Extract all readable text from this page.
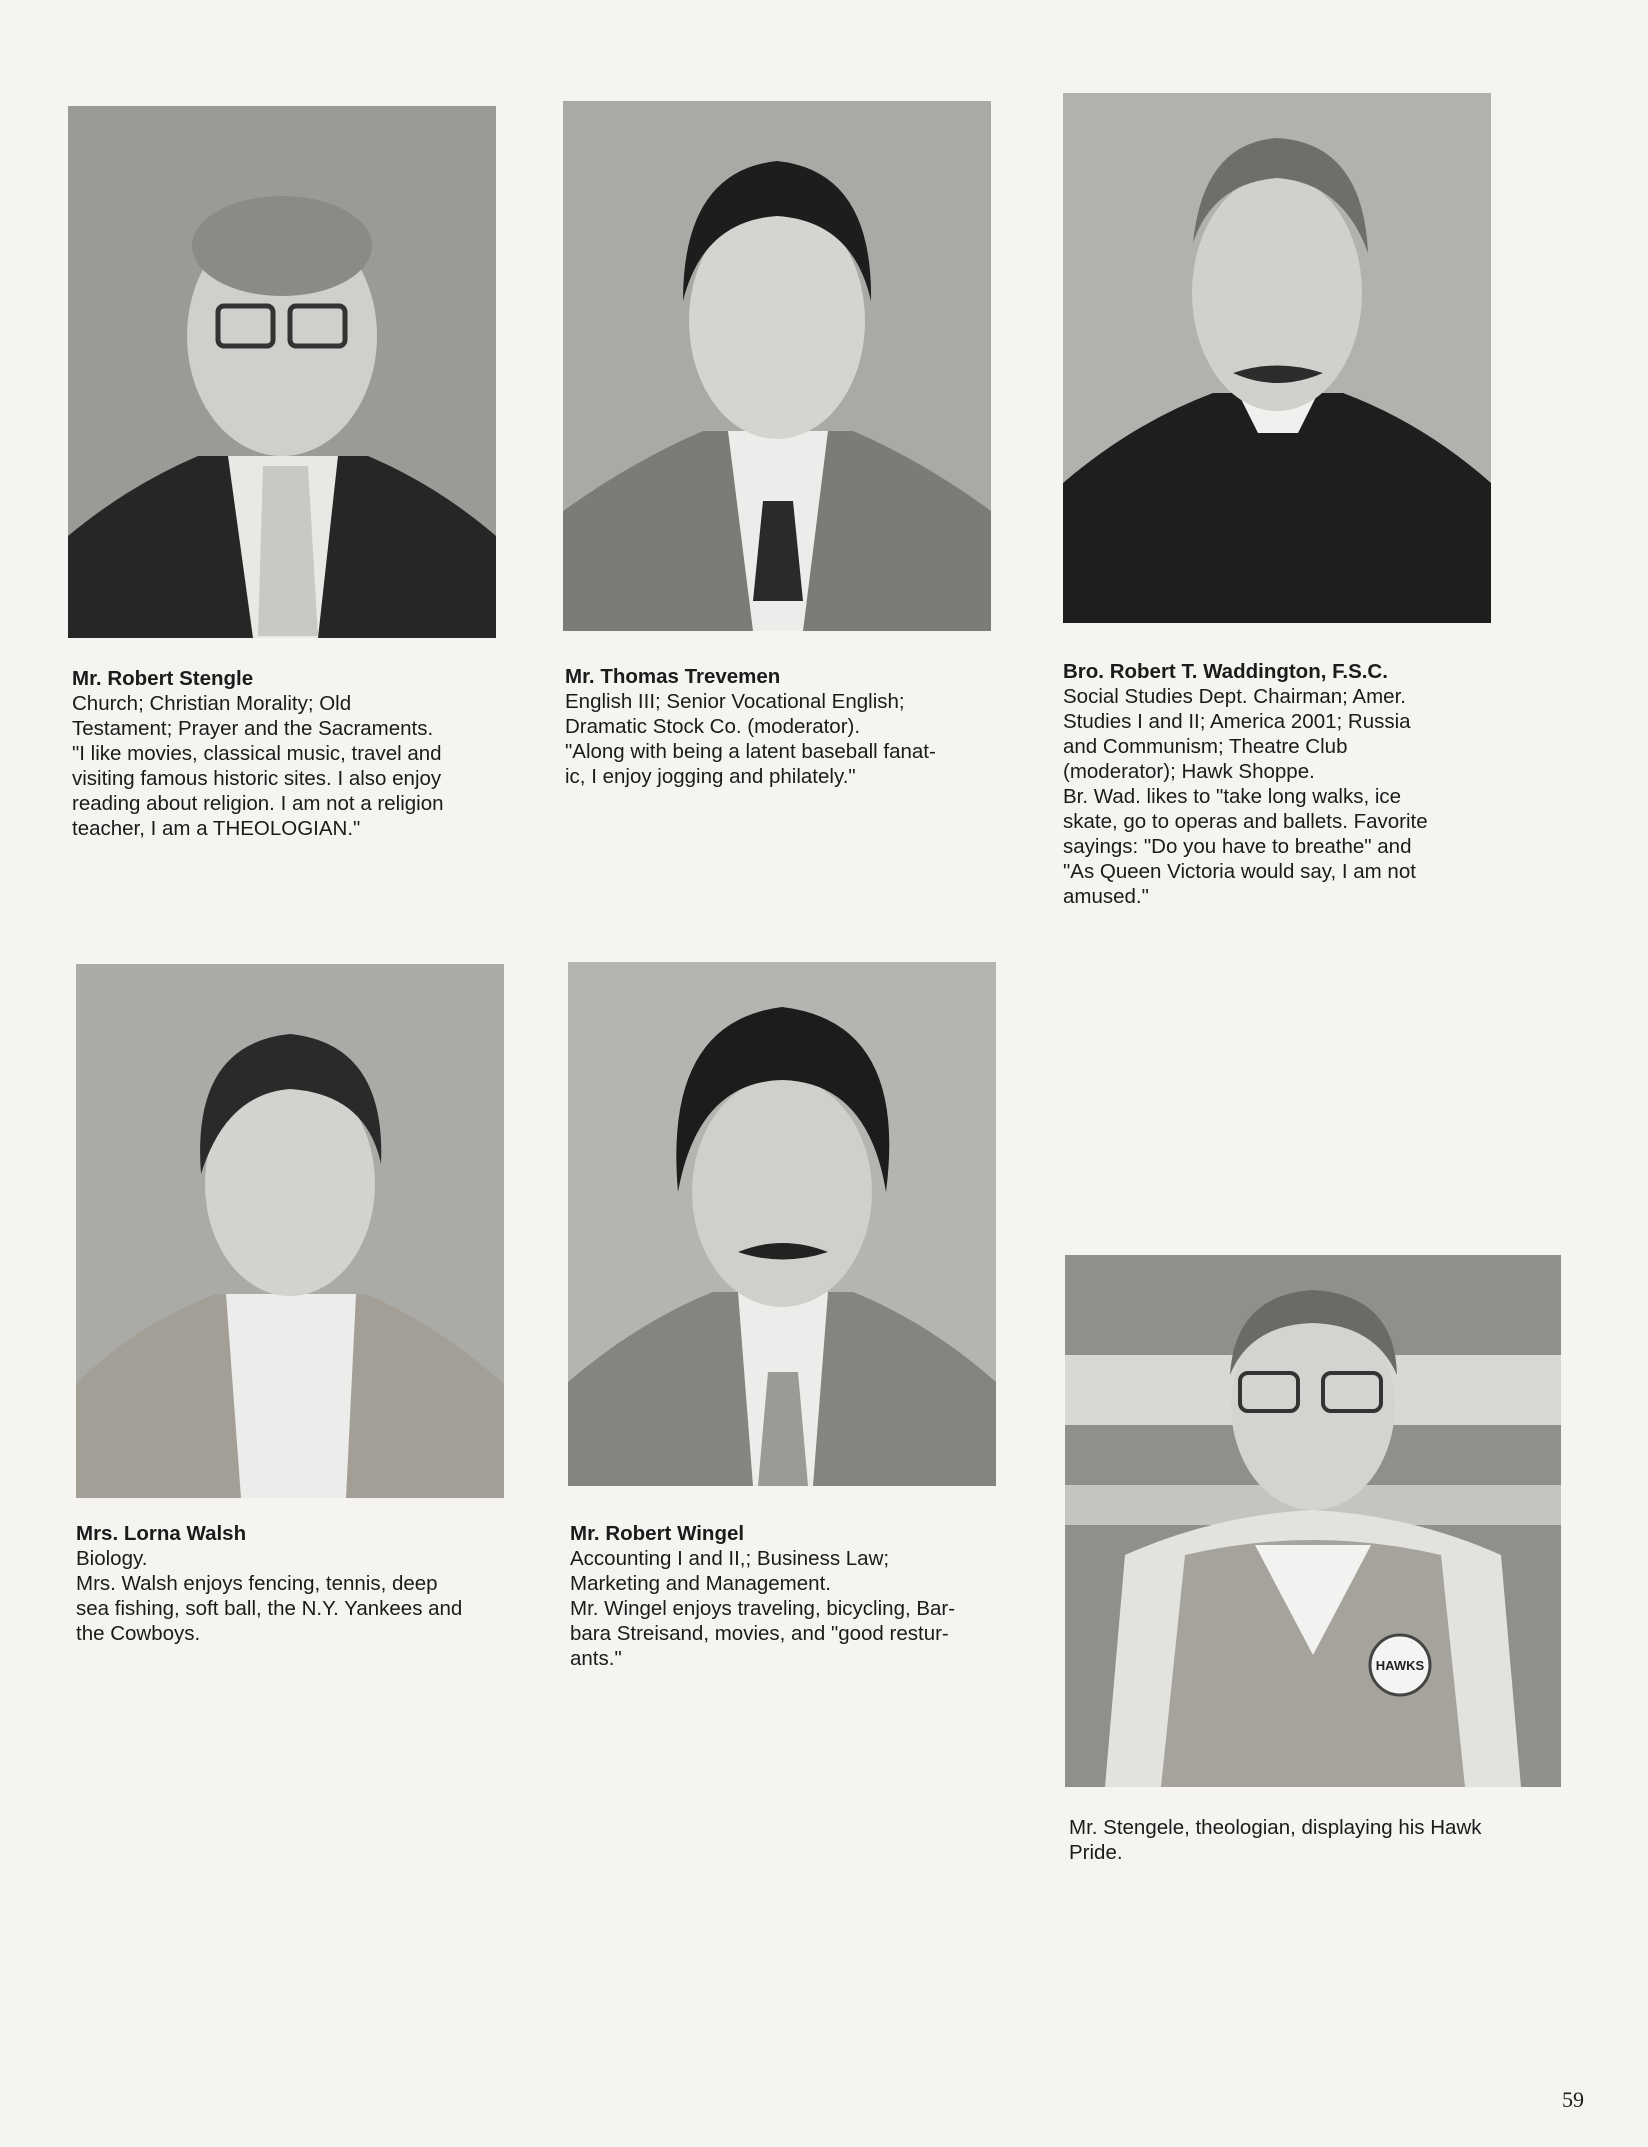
Mr. Robert Stengle
Church; Christian Morality; Old
Testament; Prayer and the Sacraments.
"I like movies, classical music, travel and
visiting famous historic sites. I also enjoy
reading about religion. I am not a religion
teacher, I am a THEOLOGIAN."
Mr. Thomas Trevemen
English III; Senior Vocational English;
Dramatic Stock Co. (moderator).
"Along with being a latent baseball fanat-
ic, I enjoy jogging and philately."
Bro. Robert T. Waddington, F.S.C.
Social Studies Dept. Chairman; Amer.
Studies I and II; America 2001; Russia
and Communism; Theatre Club
(moderator); Hawk Shoppe.
Br. Wad. likes to "take long walks, ice
skate, go to operas and ballets. Favorite
sayings: "Do you have to breathe" and
"As Queen Victoria would say, I am not
amused."
Mrs. Lorna Walsh
Biology.
Mrs. Walsh enjoys fencing, tennis, deep
sea fishing, soft ball, the N.Y. Yankees and
the Cowboys.
Mr. Robert Wingel
Accounting I and II,; Business Law;
Marketing and Management.
Mr. Wingel enjoys traveling, bicycling, Bar-
bara Streisand, movies, and "good restur-
ants."	HAWKS
Mr. Stengele, theologian, displaying his Hawk
Pride.
59
